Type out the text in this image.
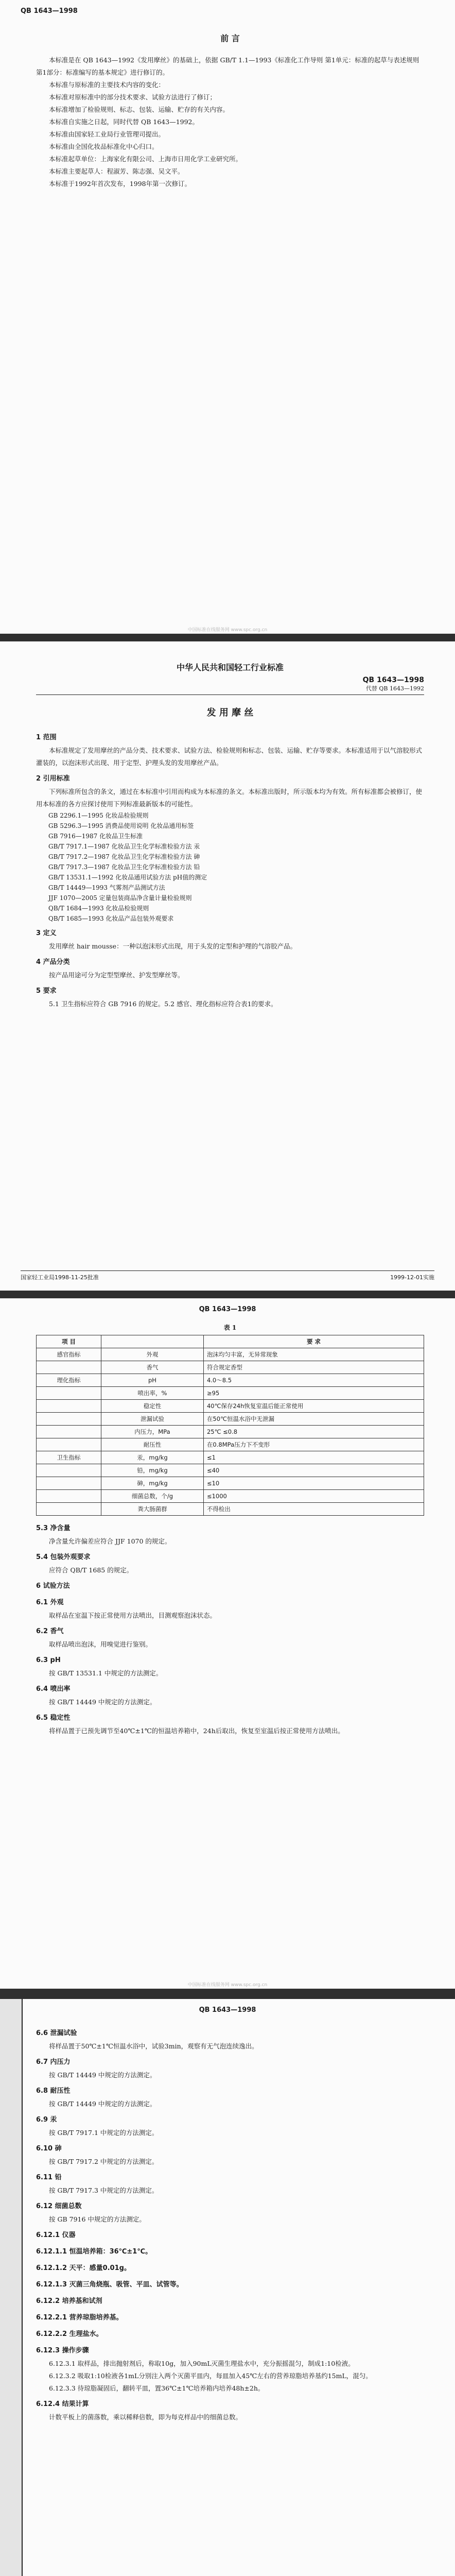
QB 1643—1998
前 言

本标准是在 QB 1643—1992《发用摩丝》的基础上，依据 GB/T 1.1—1993《标准化工作导则 第1单元：标准的起草与表述规则 第1部分：标准编写的基本规定》进行修订的。

本标准与原标准的主要技术内容的变化：

本标准对原标准中的部分技术要求、试验方法进行了修订；

本标准增加了检验规则、标志、包装、运输、贮存的有关内容。

本标准自实施之日起，同时代替 QB 1643—1992。

本标准由国家轻工业局行业管理司提出。

本标准由全国化妆品标准化中心归口。

本标准起草单位：上海家化有限公司、上海市日用化学工业研究所。

本标准主要起草人：程淑芳、陈志强、吴文平。

本标准于1992年首次发布，1998年第一次修订。

中国标准在线服务网 www.spc.org.cn
中华人民共和国轻工行业标准
QB 1643—1998
代替 QB 1643—1992
发 用 摩 丝
1 范围

本标准规定了发用摩丝的产品分类、技术要求、试验方法、检验规则和标志、包装、运输、贮存等要求。本标准适用于以气溶胶形式灌装的，以泡沫形式出现、用于定型、护理头发的发用摩丝产品。

2 引用标准

下列标准所包含的条文，通过在本标准中引用而构成为本标准的条文。本标准出版时，所示版本均为有效。所有标准都会被修订，使用本标准的各方应探讨使用下列标准最新版本的可能性。

GB 2296.1—1995 化妆品检验规则
GB 5296.3—1995 消费品使用说明 化妆品通用标签
GB 7916—1987 化妆品卫生标准
GB/T 7917.1—1987 化妆品卫生化学标准检验方法 汞
GB/T 7917.2—1987 化妆品卫生化学标准检验方法 砷
GB/T 7917.3—1987 化妆品卫生化学标准检验方法 铅
GB/T 13531.1—1992 化妆品通用试验方法 pH值的测定
GB/T 14449—1993 气雾剂产品测试方法
JJF 1070—2005 定量包装商品净含量计量检验规则
QB/T 1684—1993 化妆品检验规则
QB/T 1685—1993 化妆品产品包装外观要求
3 定义

发用摩丝 hair mousse：一种以泡沫形式出现，用于头发的定型和护理的气溶胶产品。

4 产品分类

按产品用途可分为定型型摩丝、护发型摩丝等。

5 要求

5.1 卫生指标应符合 GB 7916 的规定。5.2 感官、理化指标应符合表1的要求。

国家轻工业局1998-11-25批准	1999-12-01实施
QB 1643—1998
表 1
项 目		要 求
感官指标	外观	泡沫均匀丰富，无异常现象
	香气	符合规定香型
理化指标	pH	4.0～8.5
	喷出率，%	≥95
	稳定性	40℃保存24h恢复室温后能正常使用
	泄漏试验	在50℃恒温水浴中无泄漏
	内压力，MPa	25℃ ≤0.8
	耐压性	在0.8MPa压力下不变形
卫生指标	汞，mg/kg	≤1
	铅，mg/kg	≤40
	砷，mg/kg	≤10
	细菌总数，个/g	≤1000
	粪大肠菌群	不得检出

5.3 净含量

净含量允许偏差应符合 JJF 1070 的规定。

5.4 包装外观要求

应符合 QB/T 1685 的规定。

6 试验方法

6.1 外观

取样品在室温下按正常使用方法喷出，目测观察泡沫状态。

6.2 香气

取样品喷出泡沫，用嗅觉进行鉴别。

6.3 pH

按 GB/T 13531.1 中规定的方法测定。

6.4 喷出率

按 GB/T 14449 中规定的方法测定。

6.5 稳定性

将样品置于已预先调节至40℃±1℃的恒温培养箱中，24h后取出，恢复至室温后按正常使用方法喷出。

中国标准在线服务网 www.spc.org.cn
QB 1643—1998

6.6 泄漏试验

将样品置于50℃±1℃恒温水浴中，试验3min，观察有无气泡连续逸出。

6.7 内压力

按 GB/T 14449 中规定的方法测定。

6.8 耐压性

按 GB/T 14449 中规定的方法测定。

6.9 汞

按 GB/T 7917.1 中规定的方法测定。

6.10 砷

按 GB/T 7917.2 中规定的方法测定。

6.11 铅

按 GB/T 7917.3 中规定的方法测定。

6.12 细菌总数

按 GB 7916 中规定的方法测定。

6.12.1 仪器

6.12.1.1 恒温培养箱：36℃±1℃。

6.12.1.2 天平：感量0.01g。

6.12.1.3 灭菌三角烧瓶、吸管、平皿、试管等。

6.12.2 培养基和试剂

6.12.2.1 营养琼脂培养基。

6.12.2.2 生理盐水。

6.12.3 操作步骤

6.12.3.1 取样品，排出抛射剂后，称取10g，加入90mL灭菌生理盐水中，充分振摇混匀，制成1:10检液。

6.12.3.2 吸取1:10检液各1mL分别注入两个灭菌平皿内，每皿加入45℃左右的营养琼脂培养基约15mL，混匀。

6.12.3.3 待琼脂凝固后，翻转平皿，置36℃±1℃培养箱内培养48h±2h。

6.12.4 结果计算

计数平板上的菌落数，乘以稀释倍数，即为每克样品中的细菌总数。
